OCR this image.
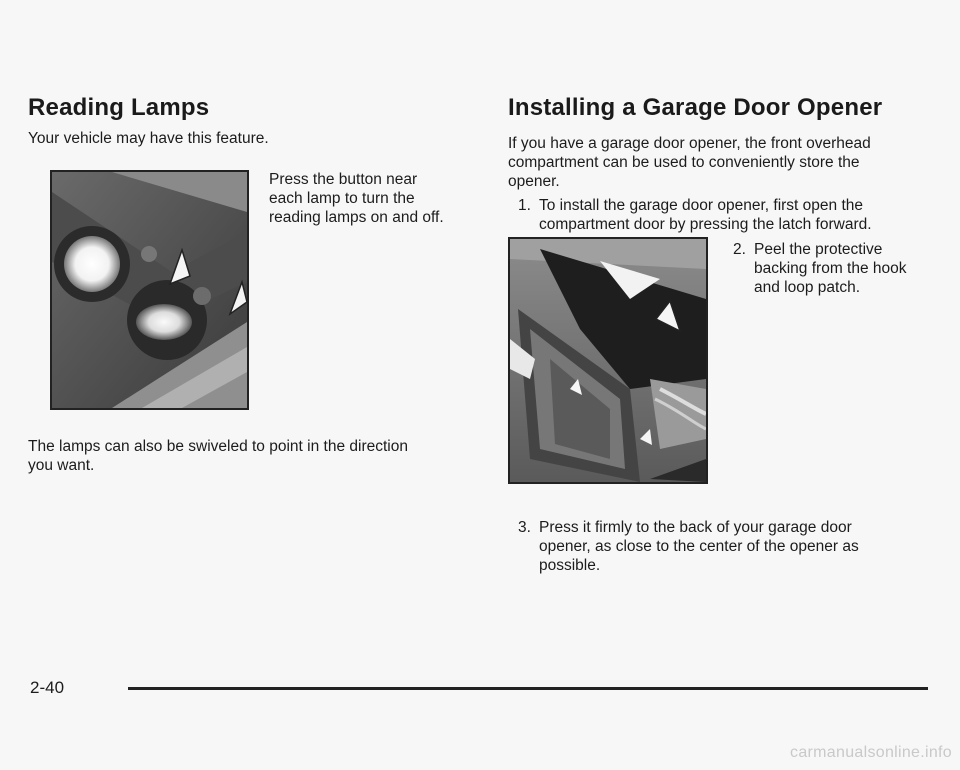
Reading Lamps

Your vehicle may have this feature.

Press the button near

each lamp to turn the

reading lamps on and off.

The lamps can also be swiveled to point in the direction

you want.

Installing a Garage Door Opener

If you have a garage door opener, the front overhead

compartment can be used to conveniently store the

opener.

1. To install the garage door opener, first open the
compartment door by pressing the latch forward.
2. Peel the protective
backing from the hook
and loop patch.
3. Press it firmly to the back of your garage door
opener, as close to the center of the opener as
possible.
2-40
carmanualsonline.info
